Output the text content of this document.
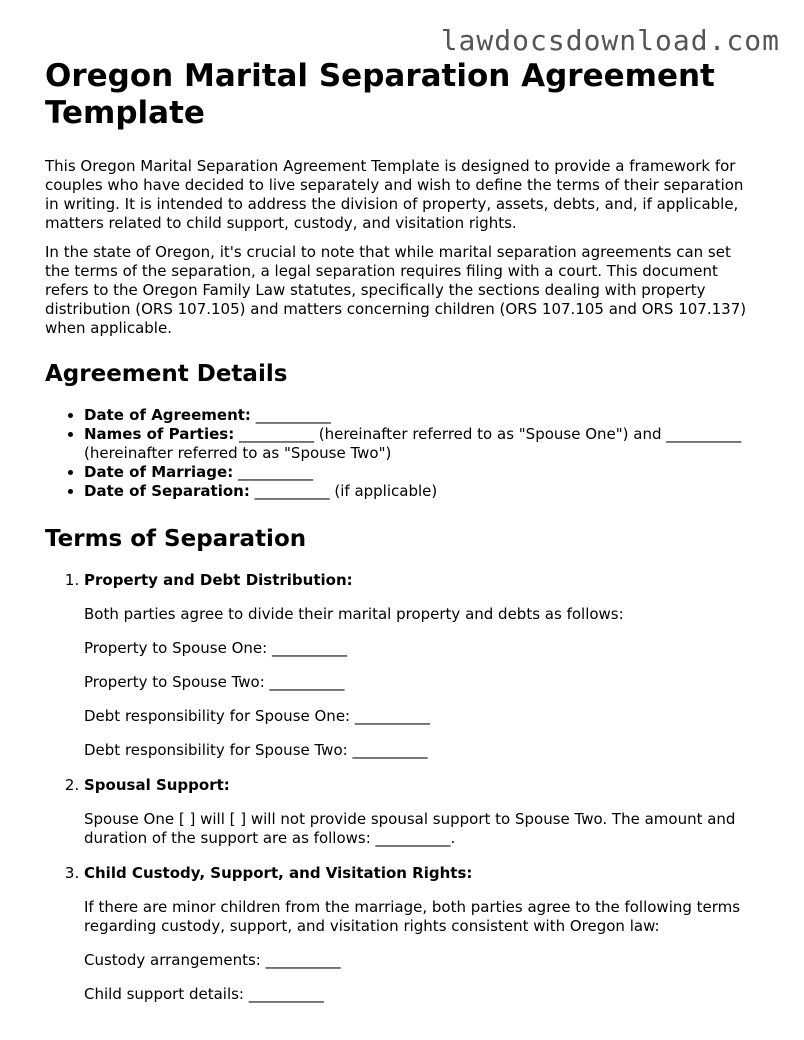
lawdocsdownload.com
Oregon Marital Separation Agreement Template

This Oregon Marital Separation Agreement Template is designed to provide a framework for couples who have decided to live separately and wish to define the terms of their separation in writing. It is intended to address the division of property, assets, debts, and, if applicable, matters related to child support, custody, and visitation rights.

In the state of Oregon, it's crucial to note that while marital separation agreements can set the terms of the separation, a legal separation requires filing with a court. This document refers to the Oregon Family Law statutes, specifically the sections dealing with property distribution (ORS 107.105) and matters concerning children (ORS 107.105 and ORS 107.137) when applicable.

Agreement Details
• Date of Agreement: __________
• Names of Parties: __________ (hereinafter referred to as "Spouse One") and __________ (hereinafter referred to as "Spouse Two")
• Date of Marriage: __________
• Date of Separation: __________ (if applicable)
Terms of Separation
1. Property and Debt Distribution:

Both parties agree to divide their marital property and debts as follows:

Property to Spouse One: __________

Property to Spouse Two: __________

Debt responsibility for Spouse One: __________

Debt responsibility for Spouse Two: __________

2. Spousal Support:

Spouse One [ ] will [ ] will not provide spousal support to Spouse Two. The amount and duration of the support are as follows: __________.

3. Child Custody, Support, and Visitation Rights:

If there are minor children from the marriage, both parties agree to the following terms regarding custody, support, and visitation rights consistent with Oregon law:

Custody arrangements: __________

Child support details: __________
